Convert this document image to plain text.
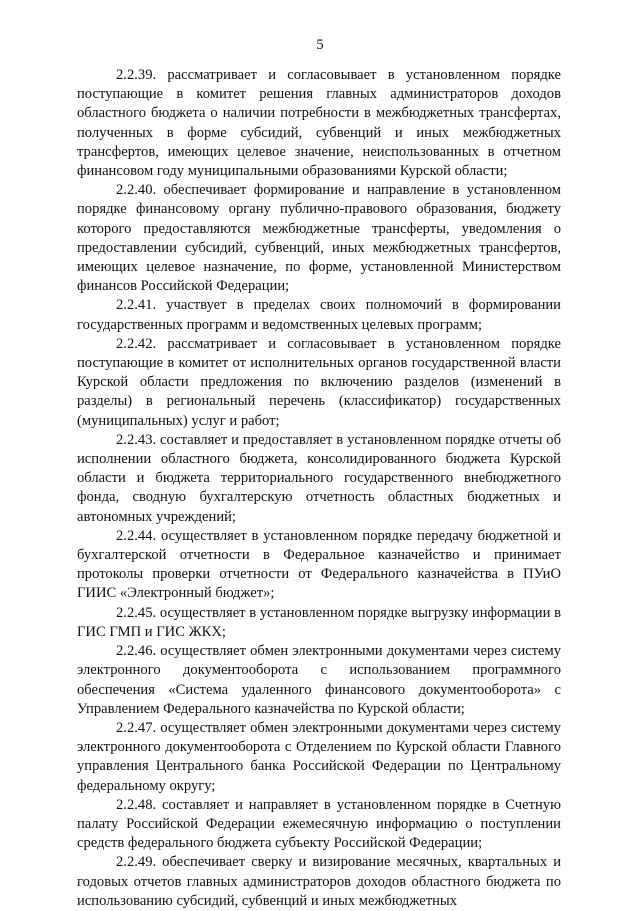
5

2.2.39. рассматривает и согласовывает в установленном порядке поступающие в комитет решения главных администраторов доходов областного бюджета о наличии потребности в межбюджетных трансфертах, полученных в форме субсидий, субвенций и иных межбюджетных трансфертов, имеющих целевое значение, неиспользованных в отчетном финансовом году муниципальными образованиями Курской области;

2.2.40. обеспечивает формирование и направление в установленном порядке финансовому органу публично-правового образования, бюджету которого предоставляются межбюджетные трансферты, уведомления о предоставлении субсидий, субвенций, иных межбюджетных трансфертов, имеющих целевое назначение, по форме, установленной Министерством финансов Российской Федерации;

2.2.41. участвует в пределах своих полномочий в формировании государственных программ и ведомственных целевых программ;

2.2.42. рассматривает и согласовывает в установленном порядке поступающие в комитет от исполнительных органов государственной власти Курской области предложения по включению разделов (изменений в разделы) в региональный перечень (классификатор) государственных (муниципальных) услуг и работ;

2.2.43. составляет и предоставляет в установленном порядке отчеты об исполнении областного бюджета, консолидированного бюджета Курской области и бюджета территориального государственного внебюджетного фонда, сводную бухгалтерскую отчетность областных бюджетных и автономных учреждений;

2.2.44. осуществляет в установленном порядке передачу бюджетной и бухгалтерской отчетности в Федеральное казначейство и принимает протоколы проверки отчетности от Федерального казначейства в ПУиО ГИИС «Электронный бюджет»;

2.2.45. осуществляет в установленном порядке выгрузку информации в ГИС ГМП и ГИС ЖКХ;

2.2.46. осуществляет обмен электронными документами через систему электронного документооборота с использованием программного обеспечения «Система удаленного финансового документооборота» с Управлением Федерального казначейства по Курской области;

2.2.47. осуществляет обмен электронными документами через систему электронного документооборота с Отделением по Курской области Главного управления Центрального банка Российской Федерации по Центральному федеральному округу;

2.2.48. составляет и направляет в установленном порядке в Счетную палату Российской Федерации ежемесячную информацию о поступлении средств федерального бюджета субъекту Российской Федерации;

2.2.49. обеспечивает сверку и визирование месячных, квартальных и годовых отчетов главных администраторов доходов областного бюджета по использованию субсидий, субвенций и иных межбюджетных
